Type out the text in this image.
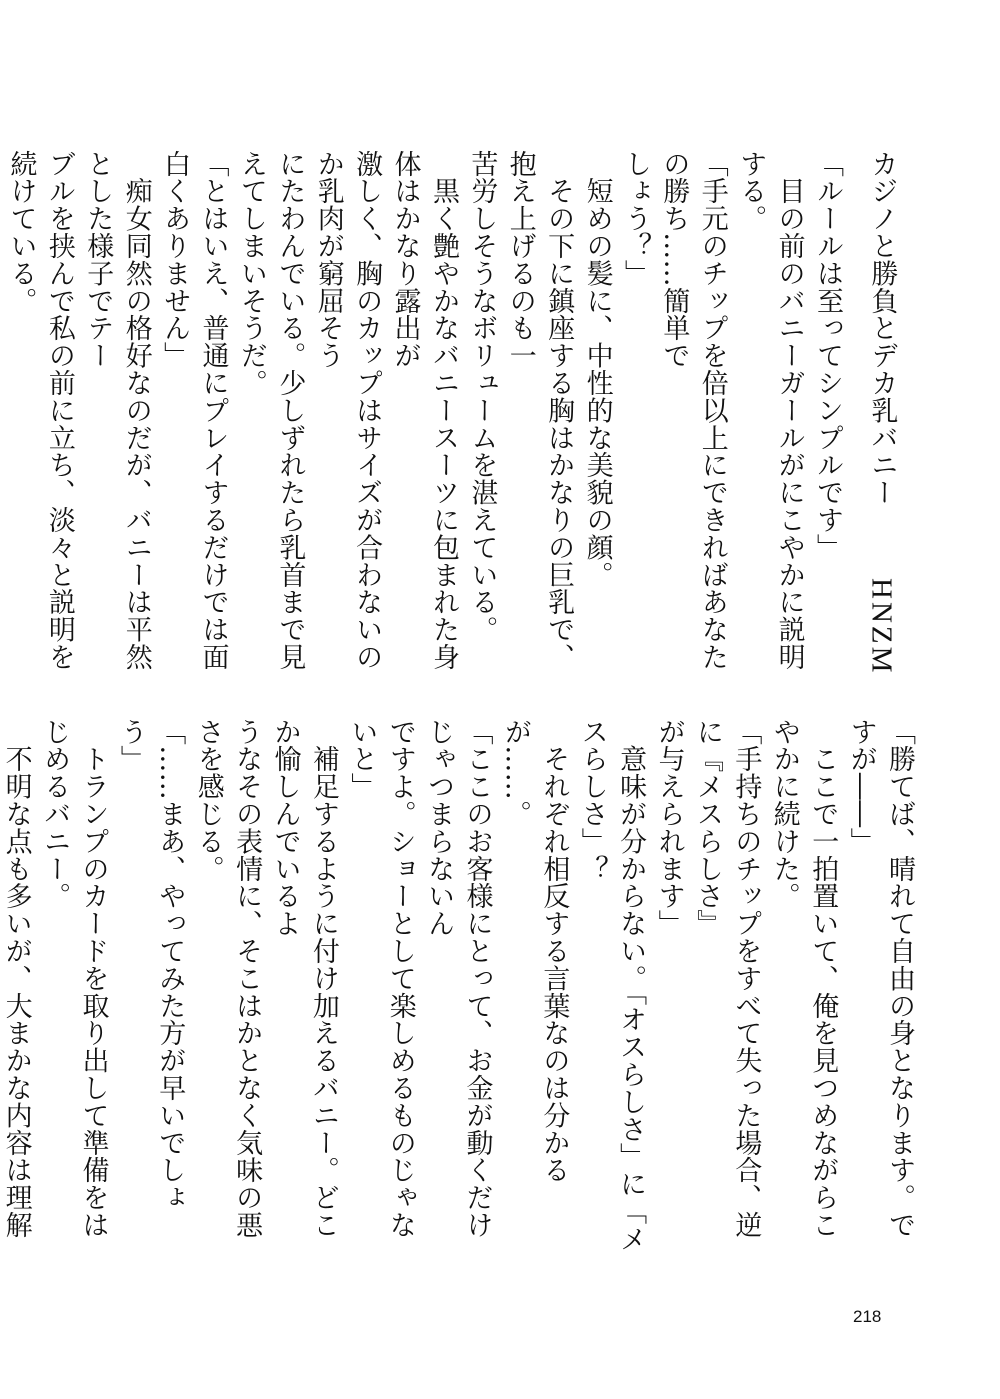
カジノと勝負とデカ乳バニー
HNZM
「ルールは至ってシンプルです」
　目の前のバニーガールがにこやかに説明する。
「手元のチップを倍以上にできればあなたの勝ち……簡単で
しょう？」
　短めの髪に、中性的な美貌の顔。
　その下に鎮座する胸はかなりの巨乳で、抱え上げるのも一
苦労しそうなボリュームを湛えている。
　黒く艶やかなバニースーツに包まれた身体はかなり露出が
激しく、胸のカップはサイズが合わないのか乳肉が窮屈そう
にたわんでいる。少しずれたら乳首まで見えてしまいそうだ。
「とはいえ、普通にプレイするだけでは面白くありません」
　痴女同然の格好なのだが、バニーは平然とした様子でテー
ブルを挟んで私の前に立ち、淡々と説明を続けている。

「勝てば、晴れて自由の身となります。ですが――」
　ここで一拍置いて、俺を見つめながらこやかに続けた。
「手持ちのチップをすべて失った場合、逆に『メスらしさ』
が与えられます」
　意味が分からない。「オスらしさ」に「メスらしさ」？
　それぞれ相反する言葉なのは分かるが……。
「ここのお客様にとって、お金が動くだけじゃつまらないん
ですよ。ショーとして楽しめるものじゃないと」
　補足するように付け加えるバニー。どこか愉しんでいるよ
うなその表情に、そこはかとなく気味の悪さを感じる。
「……まあ、やってみた方が早いでしょう」
　トランプのカードを取り出して準備をはじめるバニー。
　不明な点も多いが、大まかな内容は理解

218
